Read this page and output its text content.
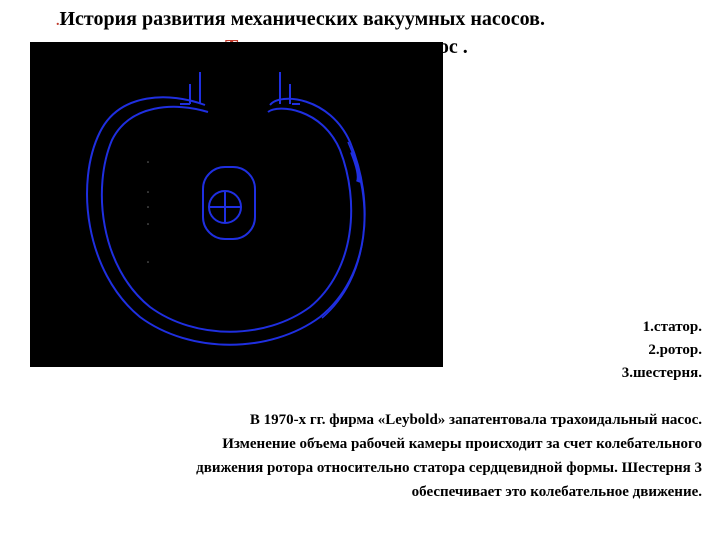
.История развития механических вакуумных насосов.
сос .
1.статор.
2.ротор.
3.шестерня.
В 1970-х гг. фирма «Leybold» запатентовала трахоидальный насос.
Изменение объема рабочей камеры происходит за счет колебательного
движения ротора относительно статора сердцевидной формы. Шестерня 3
обеспечивает это колебательное движение.
